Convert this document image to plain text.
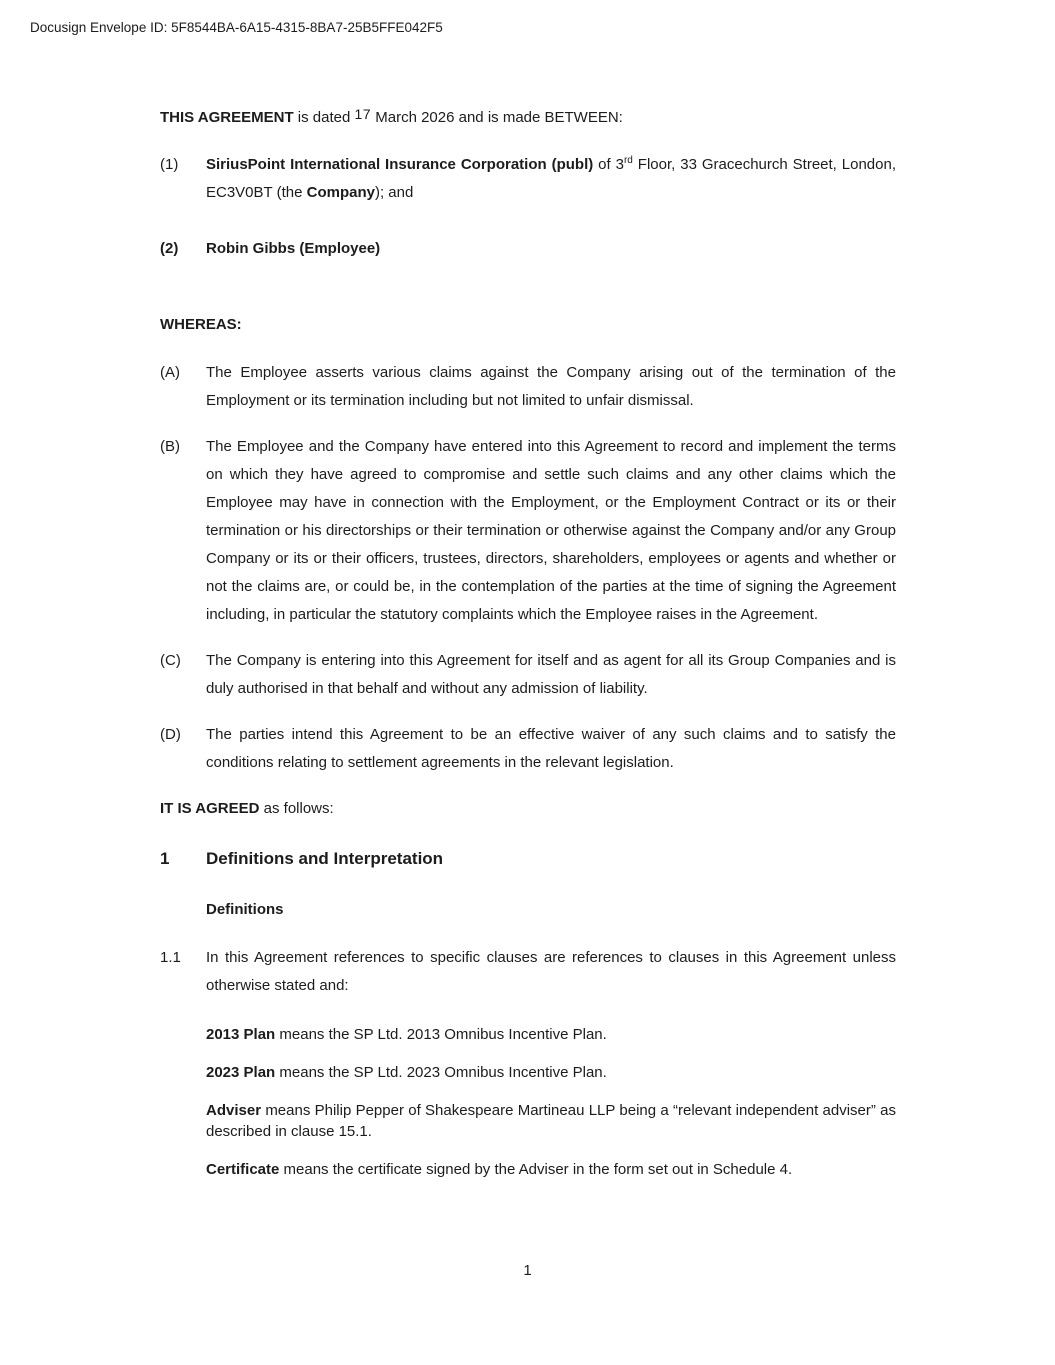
Docusign Envelope ID: 5F8544BA-6A15-4315-8BA7-25B5FFE042F5

THIS AGREEMENT is dated 17 March 2026 and is made BETWEEN:

(1)	SiriusPoint International Insurance Corporation (publ) of 3rd Floor, 33 Gracechurch Street, London, EC3V0BT (the Company); and
(2)	Robin Gibbs (Employee)

WHEREAS:

(A)	The Employee asserts various claims against the Company arising out of the termination of the Employment or its termination including but not limited to unfair dismissal.
(B)	The Employee and the Company have entered into this Agreement to record and implement the terms on which they have agreed to compromise and settle such claims and any other claims which the Employee may have in connection with the Employment, or the Employment Contract or its or their termination or his directorships or their termination or otherwise against the Company and/or any Group Company or its or their officers, trustees, directors, shareholders, employees or agents and whether or not the claims are, or could be, in the contemplation of the parties at the time of signing the Agreement including, in particular the statutory complaints which the Employee raises in the Agreement.
(C)	The Company is entering into this Agreement for itself and as agent for all its Group Companies and is duly authorised in that behalf and without any admission of liability.
(D)	The parties intend this Agreement to be an effective waiver of any such claims and to satisfy the conditions relating to settlement agreements in the relevant legislation.

IT IS AGREED as follows:

1	Definitions and Interpretation

Definitions

1.1	In this Agreement references to specific clauses are references to clauses in this Agreement unless otherwise stated and:

2013 Plan means the SP Ltd. 2013 Omnibus Incentive Plan.

2023 Plan means the SP Ltd. 2023 Omnibus Incentive Plan.

Adviser means Philip Pepper of Shakespeare Martineau LLP being a “relevant independent adviser” as described in clause 15.1.

Certificate means the certificate signed by the Adviser in the form set out in Schedule 4.

1
